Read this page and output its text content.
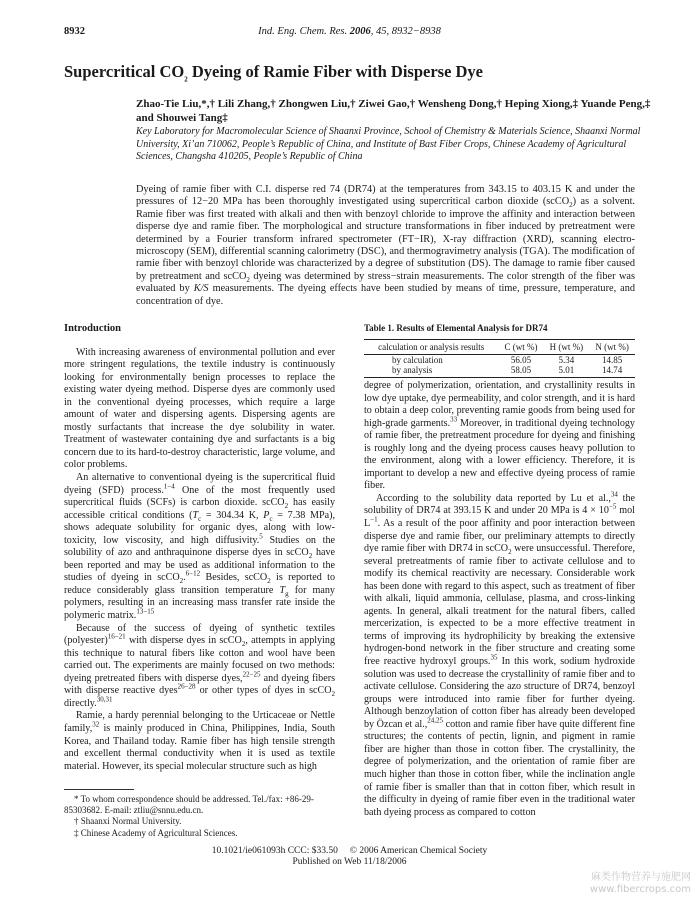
8932	Ind. Eng. Chem. Res. 2006, 45, 8932−8938
Supercritical $CO_2$ Dyeing of Ramie Fiber with Disperse Dye
Zhao-Tie Liu,*,† Lili Zhang,† Zhongwen Liu,† Ziwei Gao,† Wensheng Dong,† Heping Xiong,‡ Yuande Peng,‡ and Shouwei Tang‡
Key Laboratory for Macromolecular Science of Shaanxi Province, School of Chemistry & Materials Science, Shaanxi Normal University, Xi’an 710062, People’s Republic of China, and Institute of Bast Fiber Crops, Chinese Academy of Agricultural Sciences, Changsha 410205, People’s Republic of China
Dyeing of ramie fiber with C.I. disperse red 74 (DR74) at the temperatures from 343.15 to 403.15 K and under the pressures of 12−20 MPa has been thoroughly investigated using supercritical carbon dioxide (scCO$_2$) as a solvent. Ramie fiber was first treated with alkali and then with benzoyl chloride to improve the affinity and interaction between disperse dye and ramie fiber. The morphological and structure transformations in fiber induced by pretreatment were determined by a Fourier transform infrared spectrometer (FT−IR), X-ray diffraction (XRD), scanning electro-microscopy (SEM), differential scanning calorimetry (DSC), and thermogravimetry analysis (TGA). The modification of ramie fiber with benzoyl chloride was characterized by a degree of substitution (DS). The damage to ramie fiber caused by pretreatment and scCO$_2$ dyeing was determined by stress−strain measurements. The color strength of the fiber was evaluated by K/S measurements. The dyeing effects have been studied by means of time, pressure, temperature, and concentration of dye.
Introduction

With increasing awareness of environmental pollution and ever more stringent regulations, the textile industry is continuously looking for environmentally benign processes to replace the existing water dyeing method. Disperse dyes are commonly used in the conventional dyeing processes, which require a large amount of water and dispersing agents. Dispersing agents are mostly surfactants that increase the dye solubility in water. Treatment of wastewater containing dye and surfactants is a big concern due to its hard-to-destroy characteristic, large volume, and color problems.

An alternative to conventional dyeing is the supercritical fluid dyeing (SFD) process.$^{1-4}$ One of the most frequently used supercritical fluids (SCFs) is carbon dioxide. scCO$_2$ has easily accessible critical conditions ($T_c = 304.34$ K, $P_c = 7.38$ MPa), shows adequate solubility for organic dyes, along with low-toxicity, low viscosity, and high diffusivity.$^5$ Studies on the solubility of azo and anthraquinone disperse dyes in scCO$_2$ have been reported and may be used as additional information to the studies of dyeing in scCO$_2$.$^{6-12}$ Besides, scCO$_2$ is reported to reduce considerably glass transition temperature $T_g$ for many polymers, resulting in an increasing mass transfer rate inside the polymeric matrix.$^{13-15}$

Because of the success of dyeing of synthetic textiles (polyester)$^{16-21}$ with disperse dyes in scCO$_2$, attempts in applying this technique to natural fibers like cotton and wool have been carried out. The experiments are mainly focused on two methods: dyeing pretreated fibers with disperse dyes,$^{22-25}$ and dyeing fibers with disperse reactive dyes$^{26-28}$ or other types of dyes in scCO$_2$ directly.$^{30,31}$

Ramie, a hardy perennial belonging to the Urticaceae or Nettle family,$^{32}$ is mainly produced in China, Philippines, India, South Korea, and Thailand today. Ramie fiber has high tensile strength and excellent thermal conductivity when it is used as textile material. However, its special molecular structure such as high

Table 1. Results of Elemental Analysis for DR74
calculation or analysis results	C (wt %)	H (wt %)	N (wt %)
by calculation	56.05	5.34	14.85
by analysis	58.05	5.01	14.74

degree of polymerization, orientation, and crystallinity results in low dye uptake, dye permeability, and color strength, and it is hard to obtain a deep color, preventing ramie goods from being used for high-grade garments.$^{33}$ Moreover, in traditional dyeing technology of ramie fiber, the pretreatment procedure for dyeing and finishing is roughly long and the dyeing process causes heavy pollution to the environment, along with a lower efficiency. Therefore, it is important to develop a new and effective dyeing process of ramie fiber.

According to the solubility data reported by Lu et al.,$^{34}$ the solubility of DR74 at 393.15 K and under 20 MPa is $4 \times 10^{-5}$ mol $L^{-1}$. As a result of the poor affinity and poor interaction between disperse dye and ramie fiber, our preliminary attempts to directly dye ramie fiber with DR74 in scCO$_2$ were unsuccessful. Therefore, several pretreatments of ramie fiber to activate cellulose and to modify its chemical reactivity are necessary. Considerable work has been done with regard to this aspect, such as treatment of fiber with alkali, liquid ammonia, cellulase, plasma, and cross-linking agents. In general, alkali treatment for the natural fibers, called mercerization, is expected to be a more effective treatment in terms of improving its hydrophilicity by breaking the extensive hydrogen-bond network in the fiber structure and creating some free reactive hydroxyl groups.$^{35}$ In this work, sodium hydroxide solution was used to decrease the crystallinity of ramie fiber and to activate cellulose. Considering the azo structure of DR74, benzoyl groups were introduced into ramie fiber for further dyeing. Although benzoylation of cotton fiber has already been developed by Özcan et al.,$^{24,25}$ cotton and ramie fiber have quite different fine structures; the contents of pectin, lignin, and pigment in ramie fiber are higher than those in cotton fiber. The crystallinity, the degree of polymerization, and the orientation of ramie fiber are much higher than those in cotton fiber, while the inclination angle of ramie fiber is smaller than that in cotton fiber, which result in the difficulty in dyeing of ramie fiber even in the traditional water bath dyeing process as compared to cotton

* To whom correspondence should be addressed. Tel./fax: +86-29-85303682. E-mail: ztliu@snnu.edu.cn.
† Shaanxi Normal University.
‡ Chinese Academy of Agricultural Sciences.
10.1021/ie061093h CCC: $33.50     © 2006 American Chemical Society
Published on Web 11/18/2006
麻类作物营养与施肥网
www.fibercrops.com
